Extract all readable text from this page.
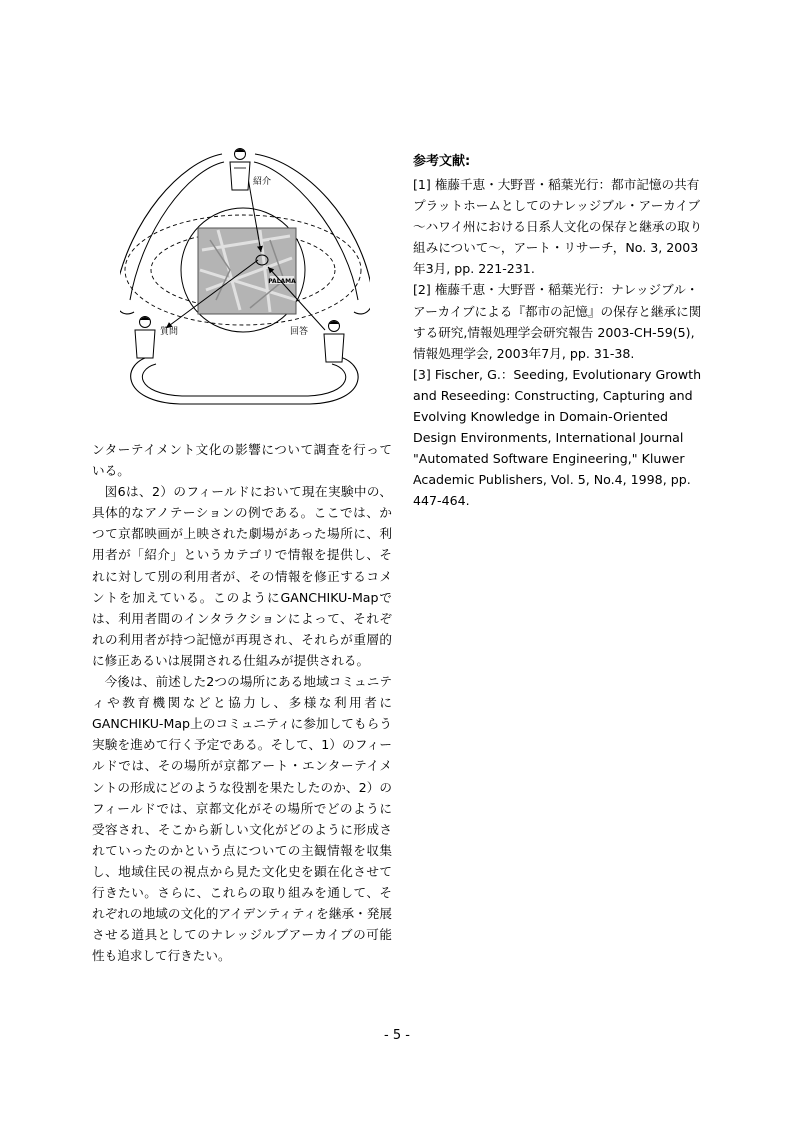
PALAMA
紹介
質問	回答

ンターテイメント文化の影響について調査を行っている。

図6は、2）のフィールドにおいて現在実験中の、具体的なアノテーションの例である。ここでは、かつて京都映画が上映された劇場があった場所に、利用者が「紹介」というカテゴリで情報を提供し、それに対して別の利用者が、その情報を修正するコメントを加えている。このようにGANCHIKU-Mapでは、利用者間のインタラクションによって、それぞれの利用者が持つ記憶が再現され、それらが重層的に修正あるいは展開される仕組みが提供される。

今後は、前述した2つの場所にある地域コミュニティや教育機関などと協力し、多様な利用者にGANCHIKU-Map上のコミュニティに参加してもらう実験を進めて行く予定である。そして、1）のフィールドでは、その場所が京都アート・エンターテイメントの形成にどのような役割を果たしたのか、2）のフィールドでは、京都文化がその場所でどのように受容され、そこから新しい文化がどのように形成されていったのかという点についての主観情報を収集し、地域住民の視点から見た文化史を顕在化させて行きたい。さらに、これらの取り組みを通して、それぞれの地域の文化的アイデンティティを継承・発展させる道具としてのナレッジルブアーカイブの可能性も追求して行きたい。

参考文献:

[1] 権藤千恵・大野晋・稲葉光行：都市記憶の共有プラットホームとしてのナレッジブル・アーカイブ～ハワイ州における日系人文化の保存と継承の取り組みについて～，アート・リサーチ，No. 3, 2003年3月, pp. 221-231.

[2] 権藤千恵・大野晋・稲葉光行：ナレッジブル・アーカイブによる『都市の記憶』の保存と継承に関する研究,情報処理学会研究報告 2003-CH-59(5), 情報処理学会, 2003年7月, pp. 31-38.

[3] Fischer, G.：Seeding, Evolutionary Growth and Reseeding: Constructing, Capturing and Evolving Knowledge in Domain-Oriented Design Environments, International Journal "Automated Software Engineering," Kluwer Academic Publishers, Vol. 5, No.4, 1998, pp. 447-464.

- 5 -
